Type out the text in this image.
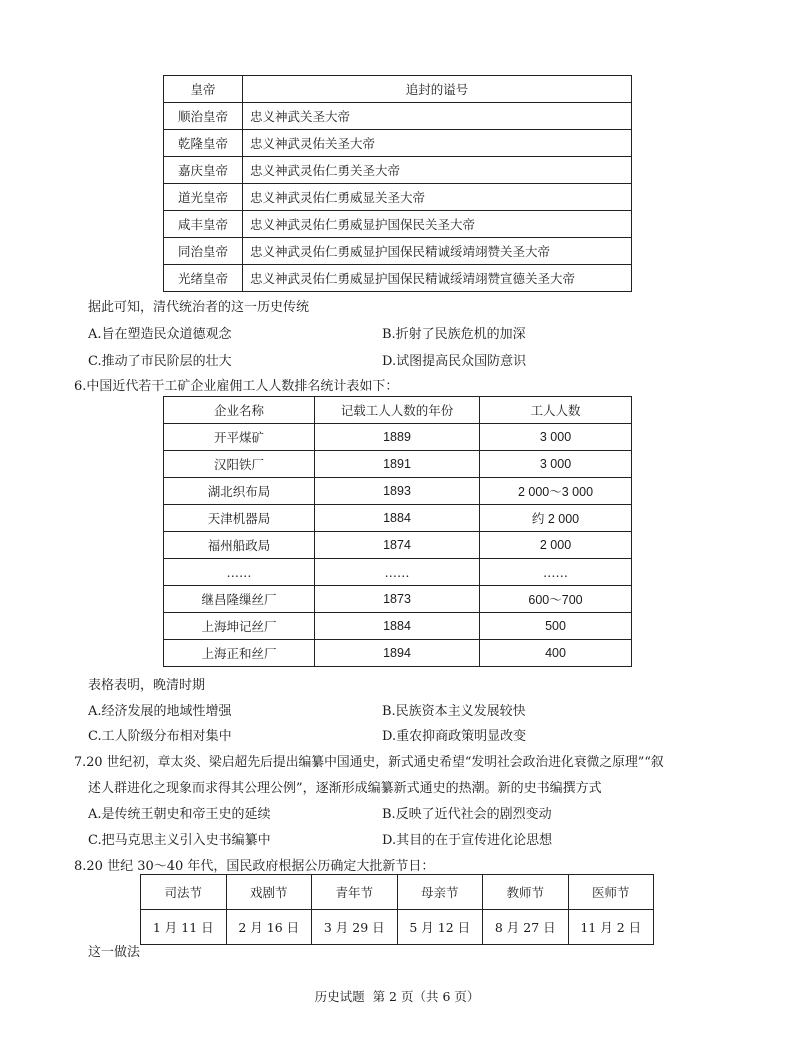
皇帝	追封的谥号
顺治皇帝	忠义神武关圣大帝
乾隆皇帝	忠义神武灵佑关圣大帝
嘉庆皇帝	忠义神武灵佑仁勇关圣大帝
道光皇帝	忠义神武灵佑仁勇威显关圣大帝
咸丰皇帝	忠义神武灵佑仁勇威显护国保民关圣大帝
同治皇帝	忠义神武灵佑仁勇威显护国保民精诚绥靖翊赞关圣大帝
光绪皇帝	忠义神武灵佑仁勇威显护国保民精诚绥靖翊赞宣德关圣大帝
据此可知，清代统治者的这一历史传统
A.旨在塑造民众道德观念	B.折射了民族危机的加深
C.推动了市民阶层的壮大	D.试图提高民众国防意识
6.中国近代若干工矿企业雇佣工人人数排名统计表如下：
企业名称	记载工人人数的年份	工人人数
开平煤矿	1889	3 000
汉阳铁厂	1891	3 000
湖北织布局	1893	2 000～3 000
天津机器局	1884	约 2 000
福州船政局	1874	2 000
……	……	……
继昌隆缫丝厂	1873	600～700
上海坤记丝厂	1884	500
上海正和丝厂	1894	400
表格表明，晚清时期
A.经济发展的地域性增强	B.民族资本主义发展较快
C.工人阶级分布相对集中	D.重农抑商政策明显改变
7.20 世纪初，章太炎、梁启超先后提出编纂中国通史，新式通史希望“发明社会政治进化衰微之原理”“叙
述人群进化之现象而求得其公理公例”，逐渐形成编纂新式通史的热潮。新的史书编撰方式
A.是传统王朝史和帝王史的延续	B.反映了近代社会的剧烈变动
C.把马克思主义引入史书编纂中	D.其目的在于宣传进化论思想
8.20 世纪 30～40 年代，国民政府根据公历确定大批新节日：
司法节	戏剧节	青年节	母亲节	教师节	医师节
1 月 11 日	2 月 16 日	3 月 29 日	5 月 12 日	8 月 27 日	11 月 2 日
这一做法
历史试题  第 2 页（共 6 页）
